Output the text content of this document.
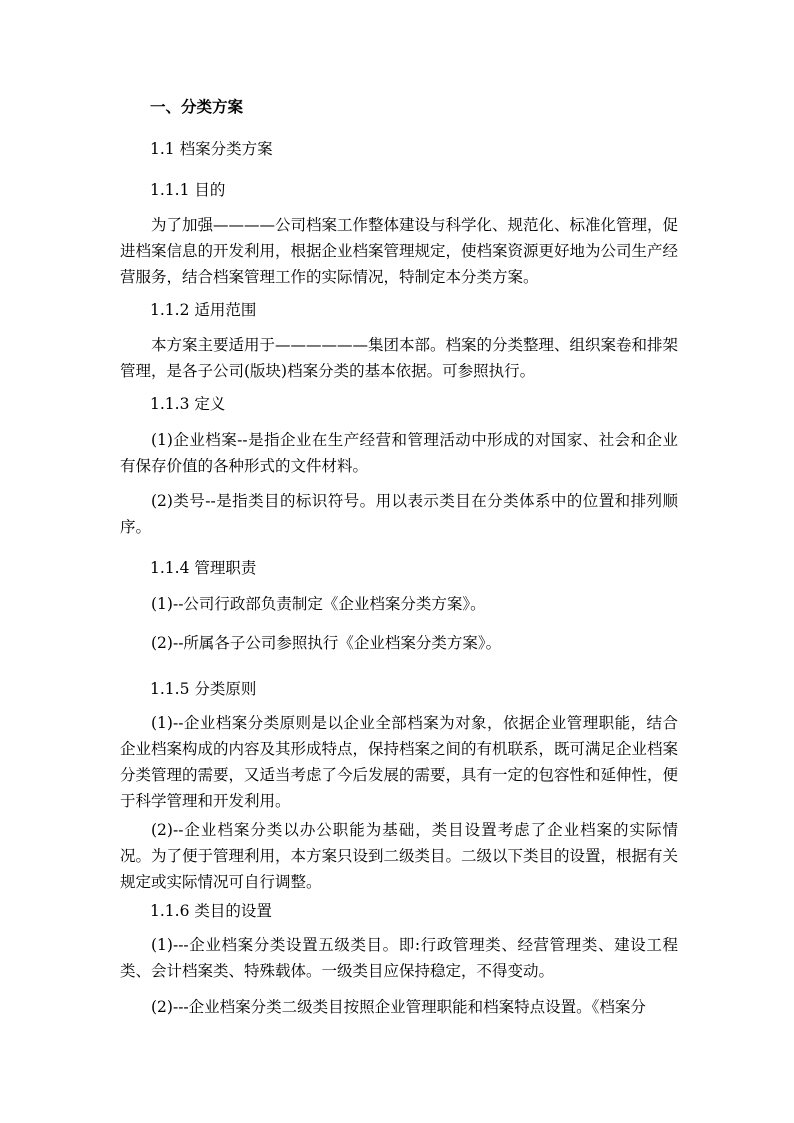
一、分类方案
1.1 档案分类方案
1.1.1 目的

为了加强————公司档案工作整体建设与科学化、规范化、标准化管理，促进档案信息的开发利用，根据企业档案管理规定，使档案资源更好地为公司生产经营服务，结合档案管理工作的实际情况，特制定本分类方案。

1.1.2 适用范围

本方案主要适用于——————集团本部。档案的分类整理、组织案卷和排架管理，是各子公司(版块)档案分类的基本依据。可参照执行。

1.1.3 定义

(1)企业档案--是指企业在生产经营和管理活动中形成的对国家、社会和企业有保存价值的各种形式的文件材料。

(2)类号--是指类目的标识符号。用以表示类目在分类体系中的位置和排列顺序。

1.1.4 管理职责

(1)--公司行政部负责制定《企业档案分类方案》。

(2)--所属各子公司参照执行《企业档案分类方案》。

1.1.5 分类原则

(1)--企业档案分类原则是以企业全部档案为对象，依据企业管理职能，结合企业档案构成的内容及其形成特点，保持档案之间的有机联系，既可满足企业档案分类管理的需要，又适当考虑了今后发展的需要，具有一定的包容性和延伸性，便于科学管理和开发利用。

(2)--企业档案分类以办公职能为基础，类目设置考虑了企业档案的实际情况。为了便于管理利用，本方案只设到二级类目。二级以下类目的设置，根据有关规定或实际情况可自行调整。

1.1.6 类目的设置

(1)---企业档案分类设置五级类目。即:行政管理类、经营管理类、建设工程类、会计档案类、特殊载体。一级类目应保持稳定，不得变动。

(2)---企业档案分类二级类目按照企业管理职能和档案特点设置。《档案分
